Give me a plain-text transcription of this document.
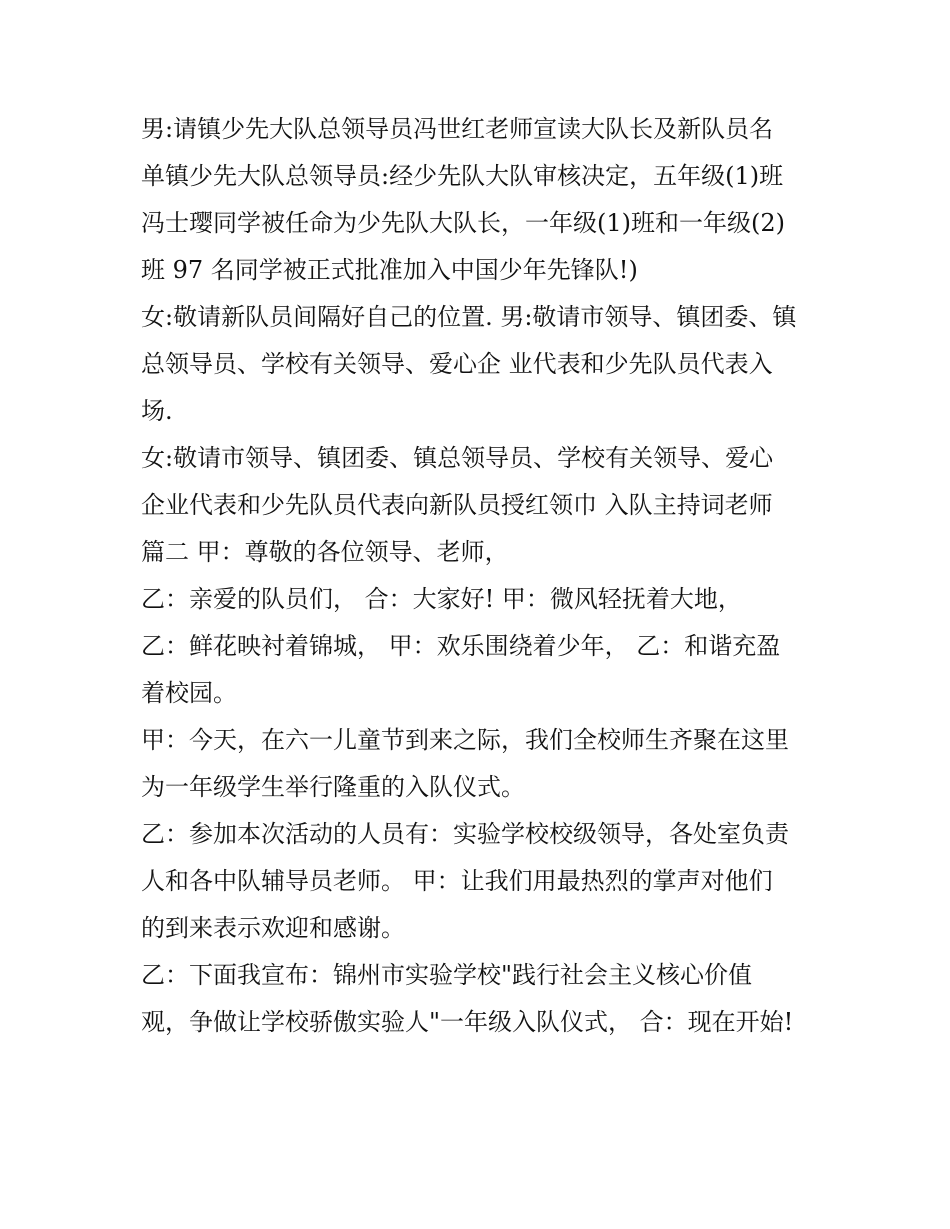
男:请镇少先大队总领导员冯世红老师宣读大队长及新队员名
单镇少先大队总领导员:经少先队大队审核决定，五年级(1)班
冯士璎同学被任命为少先队大队长，一年级(1)班和一年级(2)
班 97 名同学被正式批准加入中国少年先锋队!)
女:敬请新队员间隔好自己的位置. 男:敬请市领导、镇团委、镇
总领导员、学校有关领导、爱心企 业代表和少先队员代表入
场.
女:敬请市领导、镇团委、镇总领导员、学校有关领导、爱心
企业代表和少先队员代表向新队员授红领巾 入队主持词老师
篇二 甲：尊敬的各位领导、老师，
乙：亲爱的队员们， 合：大家好! 甲：微风轻抚着大地，
乙：鲜花映衬着锦城， 甲：欢乐围绕着少年， 乙：和谐充盈
着校园。
甲：今天，在六一儿童节到来之际，我们全校师生齐聚在这里
为一年级学生举行隆重的入队仪式。
乙：参加本次活动的人员有：实验学校校级领导，各处室负责
人和各中队辅导员老师。 甲：让我们用最热烈的掌声对他们
的到来表示欢迎和感谢。
乙：下面我宣布：锦州市实验学校"践行社会主义核心价值
观，争做让学校骄傲实验人"一年级入队仪式， 合：现在开始!
